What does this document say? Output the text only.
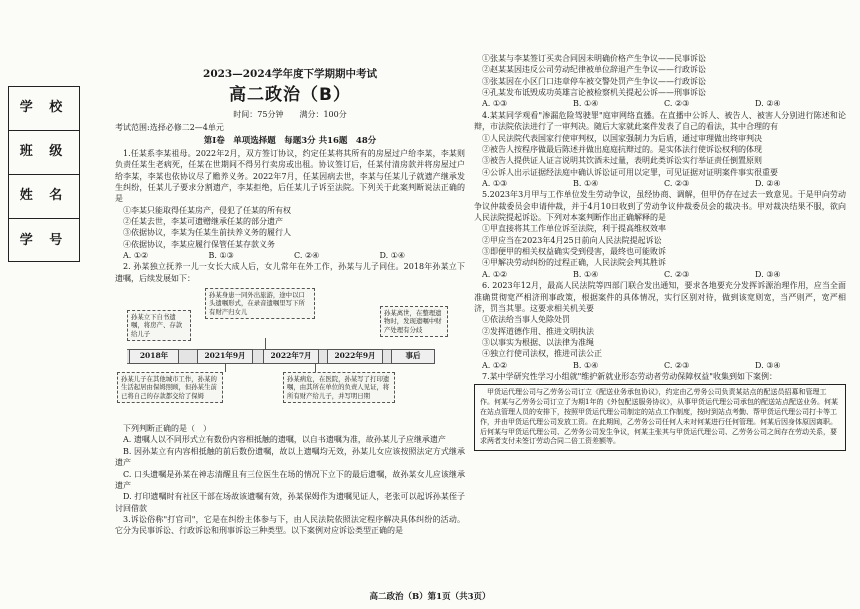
学 校
班 级
姓 名
学 号
2023—2024学年度下学期期中考试
高二政治（B）
时间：75分钟　　满分：100分
考试范围:选择必修二2—4单元
第Ⅰ卷　单项选择题　每题3分 共16题　48分

1.任某系李某祖母。2022年2月，双方签订协议，约定任某将其所有的房屋过户给李某，李某则负责任某生老病死，任某在世期间不得另行卖房或出租。协议签订后，任某付清房款并将房屋过户给李某，李某也依协议尽了赡养义务。2022年7月，任某因病去世，李某与任某儿子就遗产继承发生纠纷，任某儿子要求分割遗产，李某拒绝，后任某儿子诉至法院。下列关于此案判断说法正确的是

①李某只能取得任某房产，侵犯了任某的所有权

②任某去世，李某可遗赠继承任某的部分遗产

③依据协议，李某为任某生前扶养义务的履行人

④依据协议，李某应履行保管任某存款义务

A. ①②	B. ①③	C. ②④	D. ①④

2. 孙某独立抚养一儿一女长大成人后，女儿常年在外工作，孙某与儿子同住。2018年孙某立下遗嘱，后续发展如下：

孙某立下自书遗嘱，将房产、存款给儿子
孙某身患一同外出旅游，途中以口头遗嘱形式，在录音遗嘱里写下所有财产归女儿	孙某离世，在整理遗物时，发现遗嘱中财产处理有分歧
2018年	2021年9月	2022年7月	2022年9月	事后
孙某儿子在其他城市工作，孙某的生活起居由保姆照顾，但孙某生前已将自己的存款都交给了保姆
孙某病危，在医院，孙某写了打印遗嘱，由其所在单位的负责人见证，将所有财产给儿子，并写明日期

下列判断正确的是（　）

A. 遗嘱人以不同形式立有数份内容相抵触的遗嘱，以自书遗嘱为准，故孙某儿子应继承遗产

B. 因孙某立有内容相抵触的前后数份遗嘱，故以上遗嘱均无效，孙某儿女应该按照法定方式继承遗产

C. 口头遗嘱是孙某在神志清醒且有三位医生在场的情况下立下的最后遗嘱，故孙某女儿应该继承遗产

D. 打印遗嘱时有社区干部在场故该遗嘱有效，孙某保姆作为遗嘱见证人，老张可以起诉孙某侄子讨回借款

3.诉讼俗称"打官司"，它是在纠纷主体参与下，由人民法院依照法定程序解决具体纠纷的活动。它分为民事诉讼、行政诉讼和刑事诉讼三种类型。以下案例对应诉讼类型正确的是

①张某与李某签订买卖合同因未明确价格产生争议——民事诉讼

②赵某某因违反公司劳动纪律被单位辞退产生争议——行政诉讼

③张某因在小区门口违章停车被交警处罚产生争议——行政诉讼

④孔某发布诋毁成功英雄言论被检察机关提起公诉——刑事诉讼

A. ①③	B. ①④	C. ②③	D. ②④

4.某某同学观看"渗漏危险驾驶罪"庭审网络直播。在直播中公诉人、被告人、被害人分别进行陈述和论辩，市法院依法进行了一审判决。随后大家就此案件发表了自己的看法，其中合理的有

①人民法院代表国家行使审判权，以国家强制力为后盾，通过审理做出终审判决

②被告人按程序做最后陈述并做出庭庭抗辩过的。是实体法行使诉讼权利的体现

③被告人提供证人证言说明其饮酒未过量，表明此类诉讼实行举证责任倒置原则

④公诉人出示证据经法庭中确认诉讼证可用以定罪，可见证据对证明案件事实很重要

A. ①③	B. ①④	C. ②③	D. ②④

5.2023年3月甲与工作单位发生劳动争议，虽经协商、调解，但甲仍存在过去一致意见。于是甲向劳动争议仲裁委员会申请仲裁，并于4月10日收到了劳动争议仲裁委员会的裁决书。甲对裁决结果不服，欲向人民法院提起诉讼。下列对本案判断作出正确解释的是

①甲直接将其工作单位诉至法院，利于提高维权效率

②甲应当在2023年4月25日前向人民法院提起诉讼

③即便甲的相关权益确实受到侵害，最终也可能败诉

④甲解决劳动纠纷的过程正确，人民法院会判其胜诉

A. ①②	B. ①④	C. ②③	D. ③④

6. 2023年12月，最高人民法院等四部门联合发出通知，要求各地要充分发挥诉源治理作用，应当全面准确贯彻宽严相济刑事政策，根据案件的具体情况，实行区别对待，做到该宽则宽，当严则严，宽严相济，罚当其罪。这要求相关机关要

①依法给当事人免除处罚

②发挥道德作用、推进文明执法

③以事实为根据、以法律为准绳

④独立行使司法权，推进司法公正

A. ①②	B. ①④	C. ②③	D. ③④

7.某中学研究性学习小组就"维护新就业形态劳动者劳动保障权益"收集到如下案例：

甲货运代理公司与乙劳务公司订立《配送业务承包协议》，约定由乙劳务公司负责某站点的配送员招募和管理工作。何某与乙劳务公司订立了为期1年的《外包配送服务协议》，从事甲货运代理公司承包的配送站点配送业务。何某在站点管理人员的安排下，按照甲货运代理公司制定的站点工作制度，按时到站点考勤、帮甲货运代理公司打卡等工作，并由甲货运代理公司发放工资。在此期间，乙劳务公司任何人未对何某进行任何管理。何某后因身体原因离职。后何某与甲货运代理公司、乙劳务公司发生争议，何某主张其与甲货运代理公司、乙劳务公司之间存在劳动关系，要求两者支付未签订劳动合同二倍工资差额等。
高二政治（B）第1页（共3页）
